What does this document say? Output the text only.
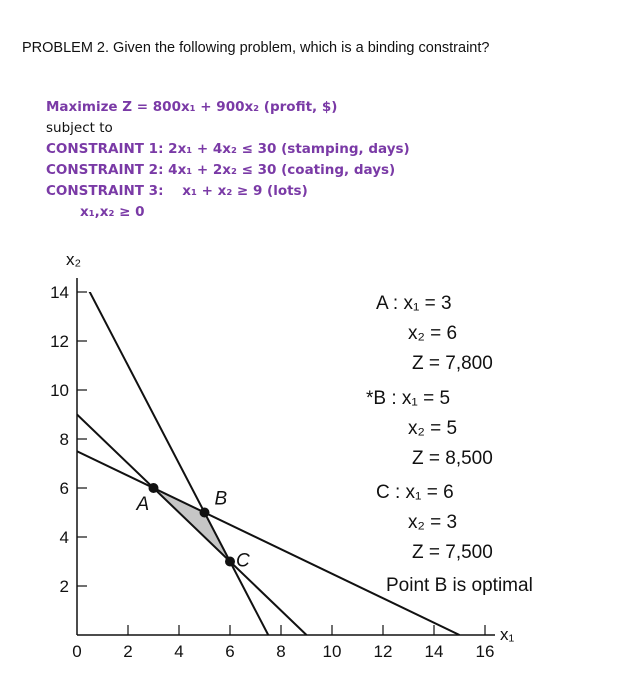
PROBLEM 2. Given the following problem, which is a binding constraint?
Maximize Z = 800x₁ + 900x₂ (profit, $)
subject to
CONSTRAINT 1: 2x₁ + 4x₂ ≤ 30 (stamping, days)
CONSTRAINT 2: 4x₁ + 2x₂ ≤ 30 (coating, days)
CONSTRAINT 3:    x₁ + x₂ ≥ 9 (lots)
x₁,x₂ ≥ 0
0 2 4 6 8 10 12 14 16
2
4
6
8
10
12
14
A	B
C
x₂
x₁
A : x₁ = 3
x₂ = 6
Z = 7,800
*B : x₁ = 5
x₂ = 5
Z = 8,500
C : x₁ = 6
x₂ = 3
Z = 7,500
Point B is optimal
